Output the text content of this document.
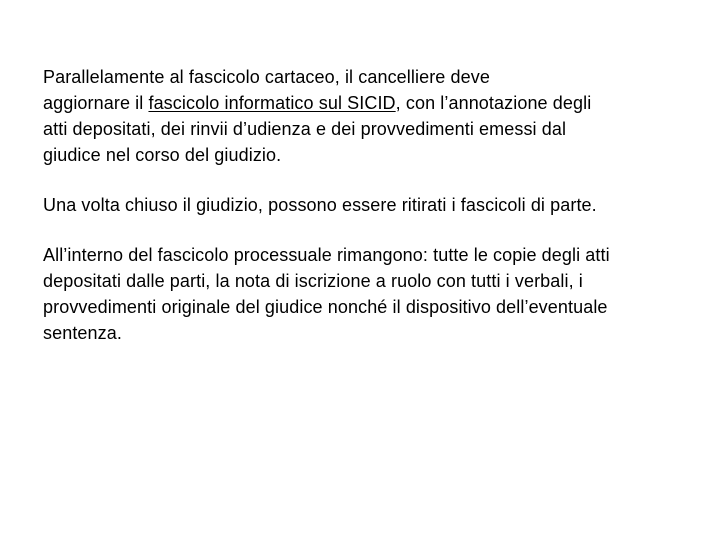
Parallelamente al fascicolo cartaceo, il cancelliere deve
aggiornare il fascicolo informatico sul SICID, con l’annotazione degli
atti depositati, dei rinvii d’udienza e dei provvedimenti emessi dal
giudice nel corso del giudizio.

Una volta chiuso il giudizio, possono essere ritirati i fascicoli di parte.

All’interno del fascicolo processuale rimangono: tutte le copie degli atti
depositati dalle parti, la nota di iscrizione a ruolo con tutti i verbali, i
provvedimenti originale del giudice nonché il dispositivo dell’eventuale
sentenza.
